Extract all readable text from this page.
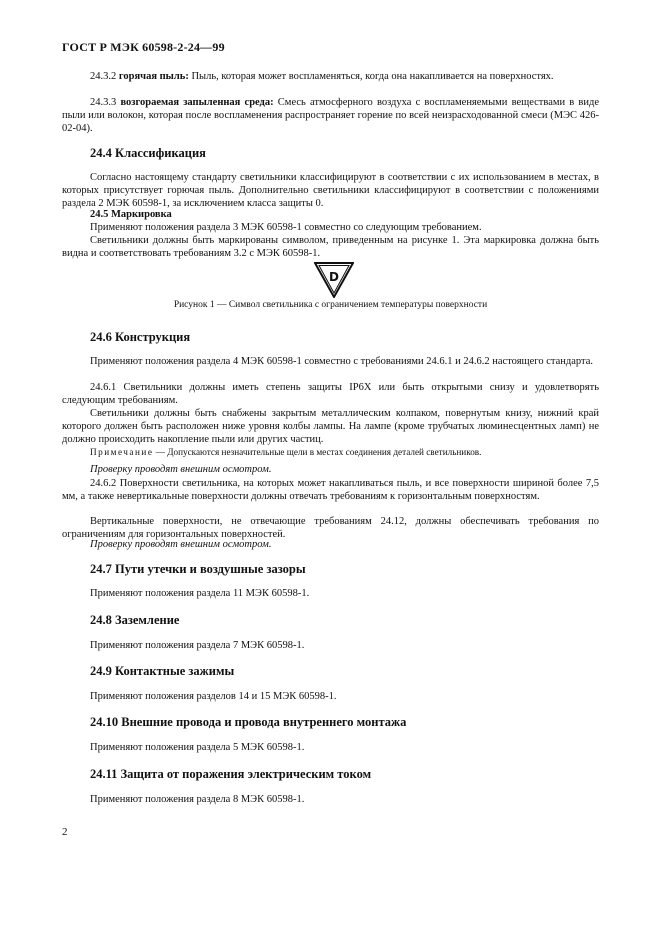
ГОСТ Р МЭК 60598-2-24—99

24.3.2 горячая пыль: Пыль, которая может воспламеняться, когда она накапливается на поверхностях.

24.3.3 возгораемая запыленная среда: Смесь атмосферного воздуха с воспламеняемыми веществами в виде пыли или волокон, которая после воспламенения распространяет горение по всей неизрасходованной смеси (МЭС 426-02-04).

24.4 Классификация

Согласно настоящему стандарту светильники классифицируют в соответствии с их использованием в местах, в которых присутствует горючая пыль. Дополнительно светильники классифицируют в соответствии с положениями раздела 2 МЭК 60598-1, за исключением класса защиты 0.

24.5 Маркировка

Применяют положения раздела 3 МЭК 60598-1 совместно со следующим требованием.

Светильники должны быть маркированы символом, приведенным на рисунке 1. Эта маркировка должна быть видна и соответствовать требованиям 3.2 с МЭК 60598-1.

D

Рисунок 1 — Символ светильника с ограничением температуры поверхности

24.6 Конструкция

Применяют положения раздела 4 МЭК 60598-1 совместно с требованиями 24.6.1 и 24.6.2 настоящего стандарта.

24.6.1 Светильники должны иметь степень защиты IP6X или быть открытыми снизу и удовлетворять следующим требованиям.

Светильники должны быть снабжены закрытым металлическим колпаком, повернутым книзу, нижний край которого должен быть расположен ниже уровня колбы лампы. На лампе (кроме трубчатых люминесцентных ламп) не должно происходить накопление пыли или других частиц.

Примечание — Допускаются незначительные щели в местах соединения деталей светильников.

Проверку проводят внешним осмотром.

24.6.2 Поверхности светильника, на которых может накапливаться пыль, и все поверхности шириной более 7,5 мм, а также невертикальные поверхности должны отвечать требованиям к горизонтальным поверхностям.

Вертикальные поверхности, не отвечающие требованиям 24.12, должны обеспечивать требования по ограничениям для горизонтальных поверхностей.

Проверку проводят внешним осмотром.

24.7 Пути утечки и воздушные зазоры

Применяют положения раздела 11 МЭК 60598-1.

24.8 Заземление

Применяют положения раздела 7 МЭК 60598-1.

24.9 Контактные зажимы

Применяют положения разделов 14 и 15 МЭК 60598-1.

24.10 Внешние провода и провода внутреннего монтажа

Применяют положения раздела 5 МЭК 60598-1.

24.11 Защита от поражения электрическим током

Применяют положения раздела 8 МЭК 60598-1.

2
